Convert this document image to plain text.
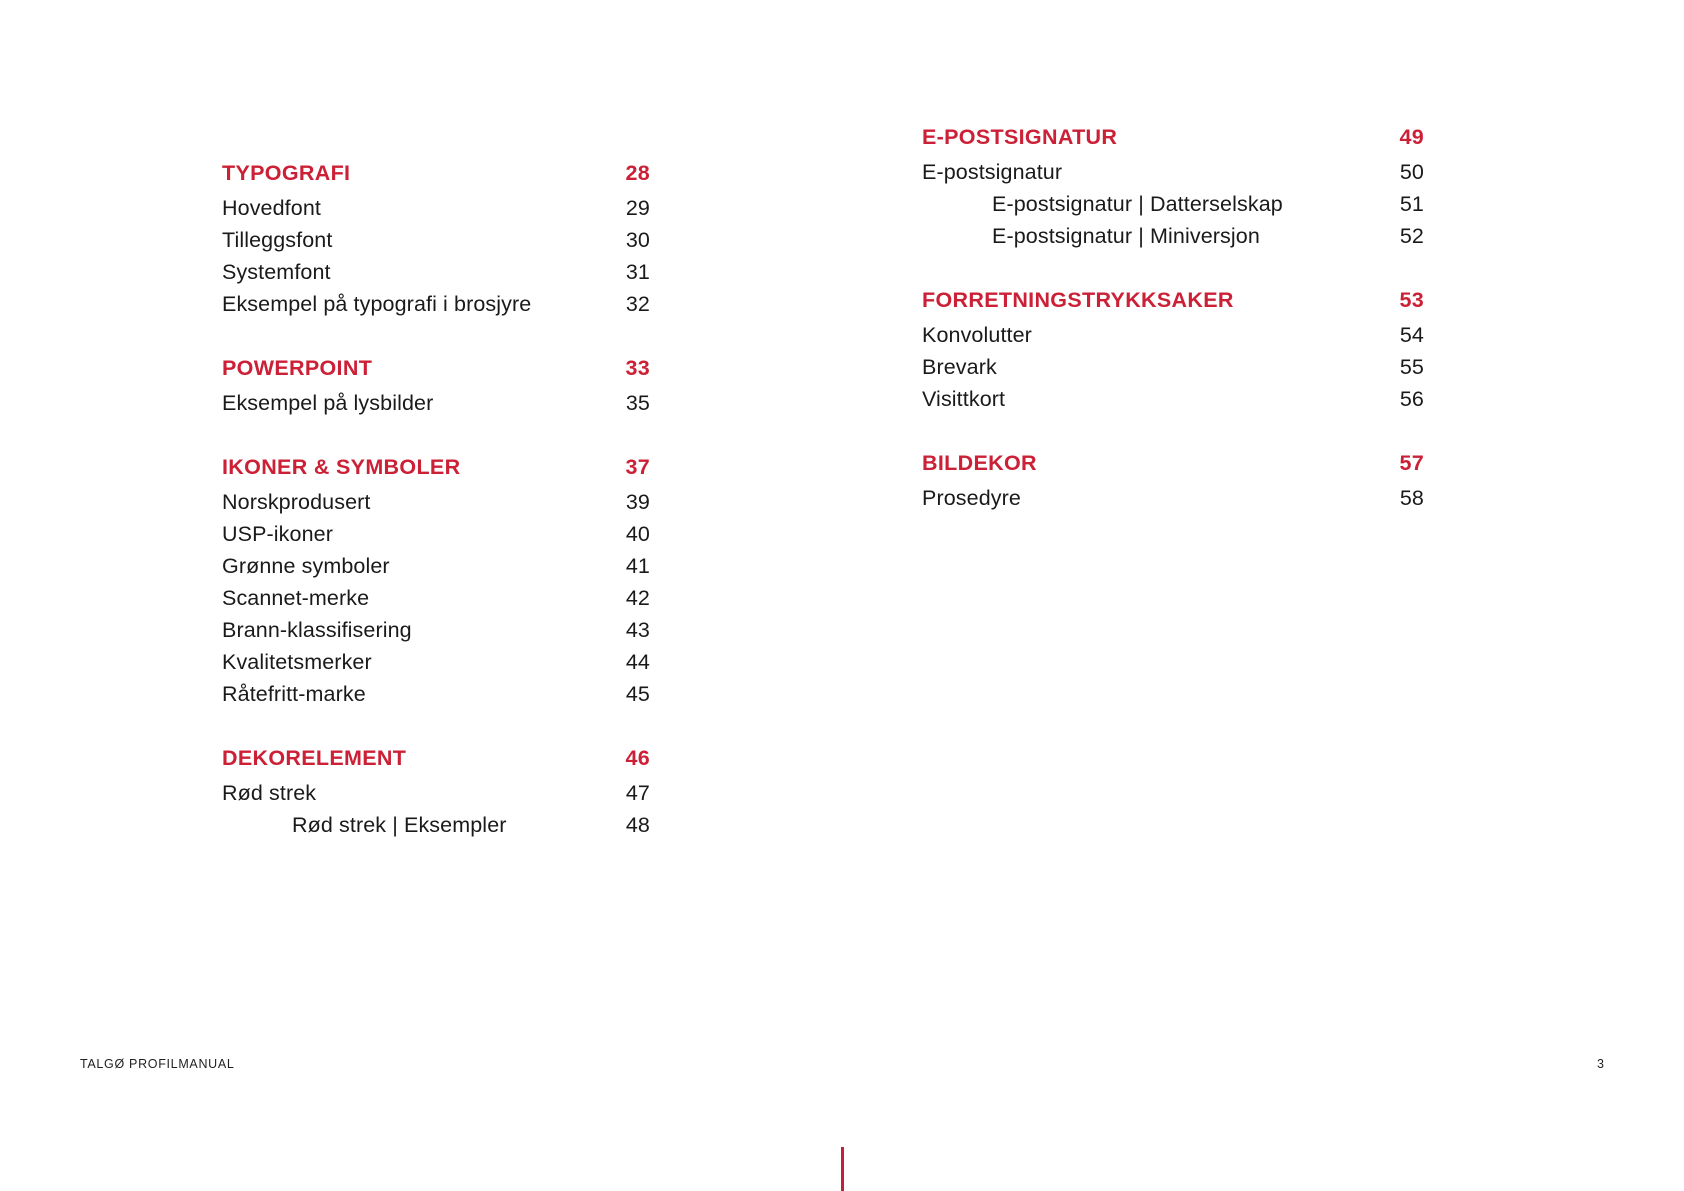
TYPOGRAFI	28
Hovedfont	29
Tilleggsfont	30
Systemfont	31
Eksempel på typografi i brosjyre	32
POWERPOINT	33
Eksempel på lysbilder	35
IKONER & SYMBOLER	37
Norskprodusert	39
USP-ikoner	40
Grønne symboler	41
Scannet-merke	42
Brann-klassifisering	43
Kvalitetsmerker	44
Råtefritt-marke	45
DEKORELEMENT	46
Rød strek	47
Rød strek | Eksempler	48
E-POSTSIGNATUR	49
E-postsignatur	50
E-postsignatur | Datterselskap	51
E-postsignatur | Miniversjon	52
FORRETNINGSTRYKKSAKER	53
Konvolutter	54
Brevark	55
Visittkort	56
BILDEKOR	57
Prosedyre	58
TALGØ PROFILMANUAL	3
